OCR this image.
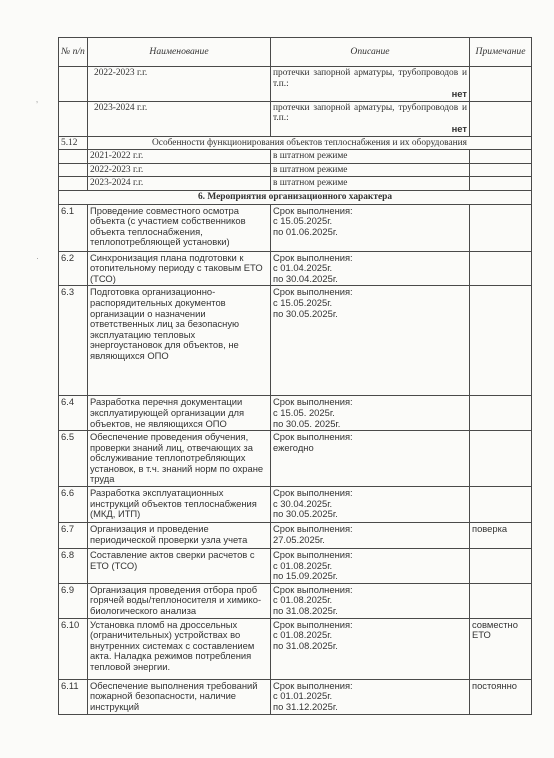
№ п/п	Наименование	Описание	Примечание
	2022-2023 г.г.	протечки запорной арматуры, трубопроводов и т.п.:
нет	

	2023-2024 г.г.	протечки запорной арматуры, трубопроводов и т.п.:
нет	

5.12	Особенности функционирования объектов теплоснабжения и их оборудования		
	2021-2022 г.г.	в штатном режиме	
	2022-2023 г.г.	в штатном режиме	
	2023-2024 г.г.	в штатном режиме	
6. Мероприятия организационного характера			
6.1	Проведение совместного осмотра объекта (с участием собственников объекта теплоснабжения, теплопотребляющей установки)	Срок выполнения:
с 15.05.2025г.
по 01.06.2025г.	

6.2	Синхронизация плана подготовки к отопительному периоду с таковым ЕТО (ТСО)	Срок выполнения:
с 01.04.2025г.
по 30.04.2025г.	

6.3	Подготовка организационно-распорядительных документов организации о назначении ответственных лиц за безопасную эксплуатацию тепловых энергоустановок для объектов, не являющихся ОПО	Срок выполнения:
с 15.05.2025г.
по 30.05.2025г.	

6.4	Разработка перечня документации эксплуатирующей организации для объектов, не являющихся ОПО	Срок выполнения:
с 15.05. 2025г.
по 30.05. 2025г.	

6.5	Обеспечение проведения обучения, проверки знаний лиц, отвечающих за обслуживание теплопотребляющих установок, в т.ч. знаний норм по охране труда	Срок выполнения:
ежегодно	

6.6	Разработка эксплуатационных инструкций объектов теплоснабжения (МКД, ИТП)	Срок выполнения:
с 30.04.2025г.
по 30.05.2025г.	

6.7	Организация и проведение периодической проверки узла учета	Срок выполнения:
27.05.2025г.	поверка
6.8	Составление актов сверки расчетов с ЕТО (ТСО)	Срок выполнения:
с 01.08.2025г.
по 15.09.2025г.	

6.9	Организация проведения отбора проб горячей воды/теплоносителя и химико-биологического анализа	Срок выполнения:
с 01.08.2025г.
по 31.08.2025г.	

6.10	Установка пломб на дроссельных (ограничительных) устройствах во внутренних системах с составлением акта. Наладка режимов потребления тепловой энергии.	Срок выполнения:
с 01.08.2025г.
по 31.08.2025г.	совместно ЕТО
6.11	Обеспечение выполнения требований пожарной безопасности, наличие инструкций	Срок выполнения:
с 01.01.2025г.
по 31.12.2025г.	постоянно
‚
·
